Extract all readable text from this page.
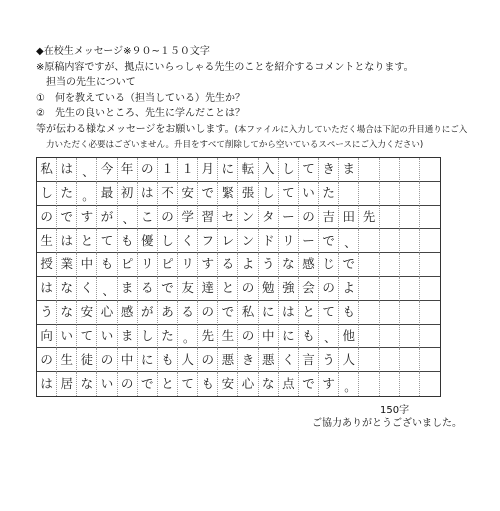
◆在校生メッセージ※９０~１５０文字
※原稿内容ですが、拠点にいらっしゃる先生のことを紹介するコメントとなります。
担当の先生について
①　何を教えている（担当している）先生か？
②　先生の良いところ、先生に学んだことは？
等が伝わる様なメッセージをお願いします。(本ファイルに入力していただく場合は下記の升目通りにご入
力いただく必要はございません。升目をすべて削除してから空いているスペースにご入力ください)
私 は 、 今 年 の １ １ 月 に 転 入 し て き ま
し た 。 最 初 は 不 安 で 緊 張 し て い た
の で す が 、 こ の 学 習 セ ン タ ー の 吉 田 先
生 は と て も 優 し く フ レ ン ド リ ー で 、
授 業 中 も ピ リ ピ リ す る よ う な 感 じ で
は な く 、 ま る で 友 達 と の 勉 強 会 の よ
う な 安 心 感 が あ る の で 私 に は と て も
向 い て い ま し た 。 先 生 の 中 に も 、 他
の 生 徒 の 中 に も 人 の 悪 き 悪 く 言 う 人
は 居 な い の で と て も 安 心 な 点 で す 。
150字
ご協力ありがとうございました。
